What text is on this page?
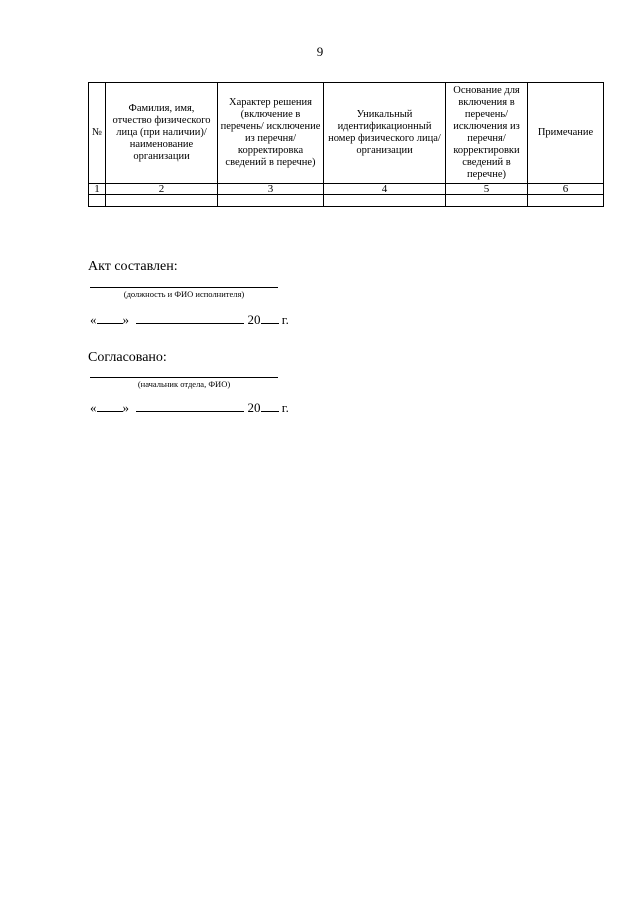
9
№	Фамилия, имя, отчество физического лица (при наличии)/ наименование организации	Характер решения (включение в перечень/ исключение из перечня/ корректировка сведений в перечне)	Уникальный идентификационный номер физического лица/организации	Основание для включения в перечень/ исключения из перечня/ корректировки сведений в перечне)	Примечание
1	2	3	4	5	6

Акт составлен:
(должность и ФИО исполнителя)
« »	20 г.
Согласовано:
(начальник отдела, ФИО)
« »	20 г.
